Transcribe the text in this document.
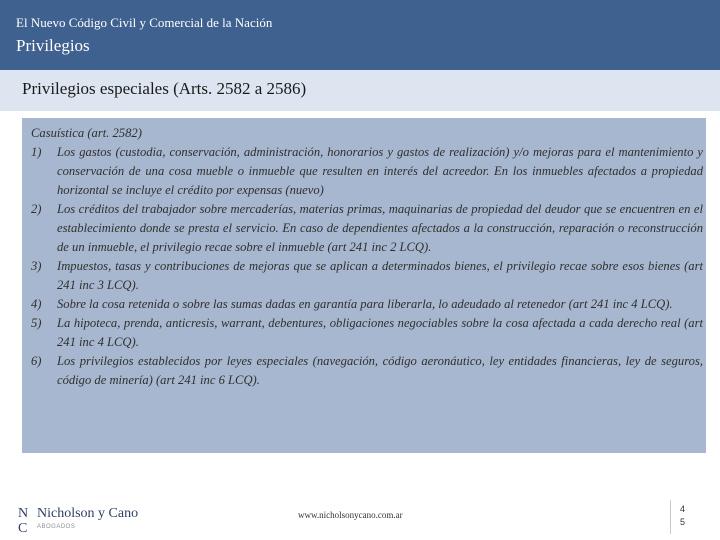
El Nuevo Código Civil y Comercial de la Nación
Privilegios
Privilegios especiales (Arts. 2582 a 2586)
Casuística (art. 2582)
1) Los gastos (custodia, conservación, administración, honorarios y gastos de realización) y/o mejoras para el mantenimiento y conservación de una cosa mueble o inmueble que resulten en interés del acreedor. En los inmuebles afectados a propiedad horizontal se incluye el crédito por expensas (nuevo)
2) Los créditos del trabajador sobre mercaderías, materias primas, maquinarias de propiedad del deudor que se encuentren en el establecimiento donde se presta el servicio. En caso de dependientes afectados a la construcción, reparación o reconstrucción de un inmueble, el privilegio recae sobre el inmueble (art 241 inc 2 LCQ).
3) Impuestos, tasas y contribuciones de mejoras que se aplican a determinados bienes, el privilegio recae sobre esos bienes (art 241 inc 3 LCQ).
4) Sobre la cosa retenida o sobre las sumas dadas en garantía para liberarla, lo adeudado al retenedor (art 241 inc 4 LCQ).
5) La hipoteca, prenda, anticresis, warrant, debentures, obligaciones negociables sobre la cosa afectada a cada derecho real (art 241 inc 4 LCQ).
6) Los privilegios establecidos por leyes especiales (navegación, código aeronáutico, ley entidades financieras, ley de seguros, código de minería) (art 241 inc 6 LCQ).
N
C
Nicholson y Cano
ABOGADOS
www.nicholsonycano.com.ar
4
5
